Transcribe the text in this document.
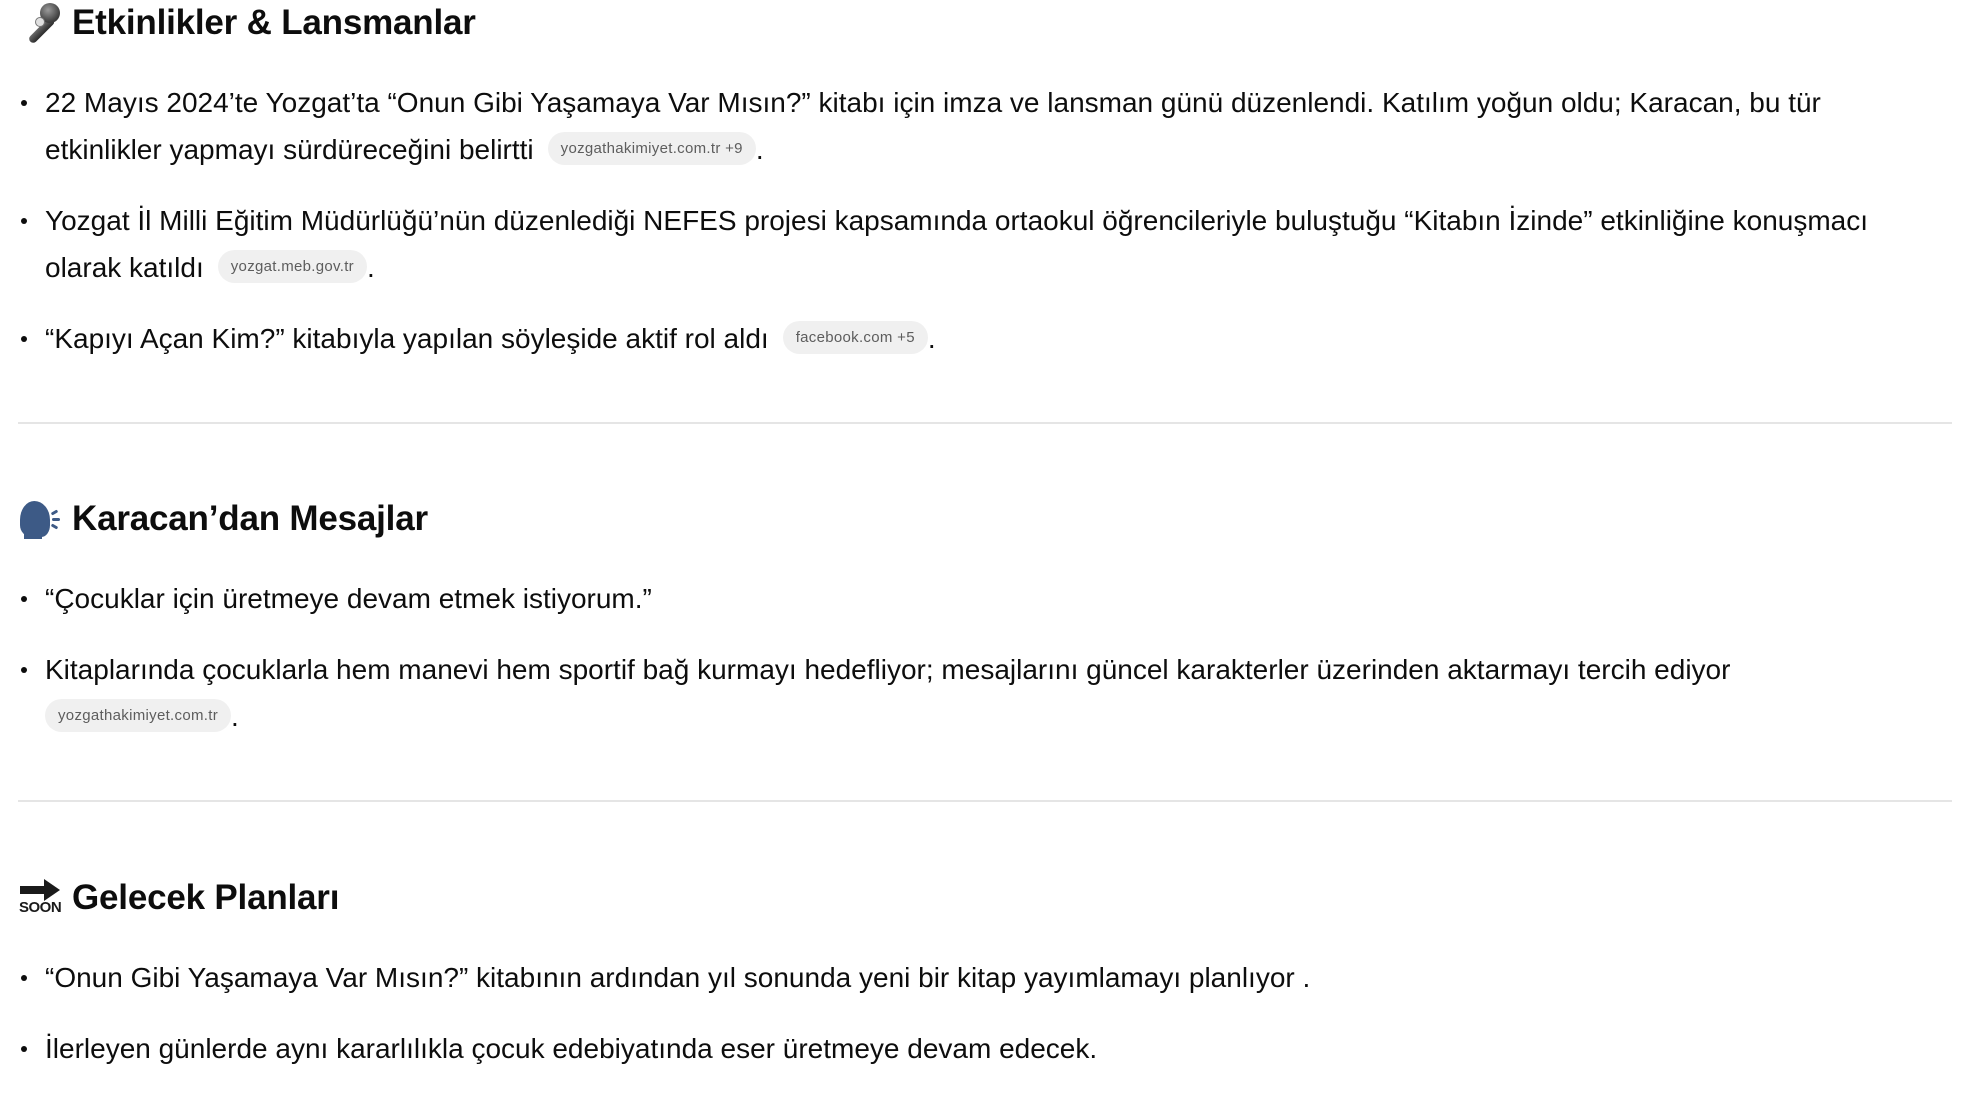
Etkinlikler & Lansmanlar
22 Mayıs 2024’te Yozgat’ta “Onun Gibi Yaşamaya Var Mısın?” kitabı için imza ve lansman günü düzenlendi. Katılım yoğun oldu; Karacan, bu tür etkinlikler yapmayı sürdüreceğini belirtti yozgathakimiyet.com.tr +9 .
Yozgat İl Milli Eğitim Müdürlüğü’nün düzenlediği NEFES projesi kapsamında ortaokul öğrencileriyle buluştuğu “Kitabın İzinde” etkinliğine konuşmacı olarak katıldı yozgat.meb.gov.tr .
“Kapıyı Açan Kim?” kitabıyla yapılan söyleşide aktif rol aldı facebook.com +5 .
Karacan’dan Mesajlar
“Çocuklar için üretmeye devam etmek istiyorum.”
Kitaplarında çocuklarla hem manevi hem sportif bağ kurmayı hedefliyor; mesajlarını güncel karakterler üzerinden aktarmayı tercih ediyor
yozgathakimiyet.com.tr .
SOON Gelecek Planları
“Onun Gibi Yaşamaya Var Mısın?” kitabının ardından yıl sonunda yeni bir kitap yayımlamayı planlıyor .
İlerleyen günlerde aynı kararlılıkla çocuk edebiyatında eser üretmeye devam edecek.
